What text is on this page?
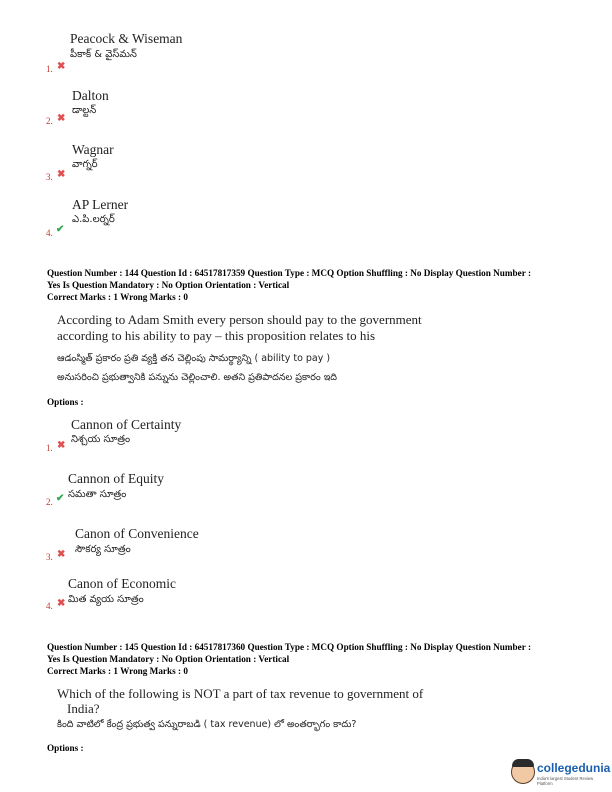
Peacock & Wiseman
పీకాక్ & వైస్‌మన్
1. ✖
Dalton
డాల్టన్
2. ✖
Wagnar
వాగ్నర్
3. ✖
AP Lerner
ఎ.పి.లర్నర్
4. ✔
Question Number : 144 Question Id : 64517817359 Question Type : MCQ Option Shuffling : No Display Question Number :
Yes Is Question Mandatory : No Option Orientation : Vertical
Correct Marks : 1 Wrong Marks : 0
According to Adam Smith every person should pay to the government
according to his ability to pay – this proposition relates to his
ఆడంస్మిత్ ప్రకారం ప్రతి వ్యక్తి తన చెల్లింపు సామర్థ్యాన్ని ( ability to pay )
అనుసరించి ప్రభుత్వానికి పన్నును చెల్లించాలి. అతని ప్రతిపాదనల ప్రకారం ఇది
Options :
Cannon of Certainty
నిశ్చయ సూత్రం
1. ✖
Cannon of Equity
సమతా సూత్రం
2. ✔
Canon of Convenience
సౌకర్య సూత్రం
3. ✖
Canon of Economic
మిత వ్యయ సూత్రం
4. ✖
Question Number : 145 Question Id : 64517817360 Question Type : MCQ Option Shuffling : No Display Question Number :
Yes Is Question Mandatory : No Option Orientation : Vertical
Correct Marks : 1 Wrong Marks : 0
Which of the following is NOT a part of tax revenue to government of
India?
కింది వాటిలో కేంద్ర ప్రభుత్వ పన్నురాబడి ( tax revenue) లో అంతర్భాగం కాదు?
Options :
collegedunia
India's largest Student Review Platform
